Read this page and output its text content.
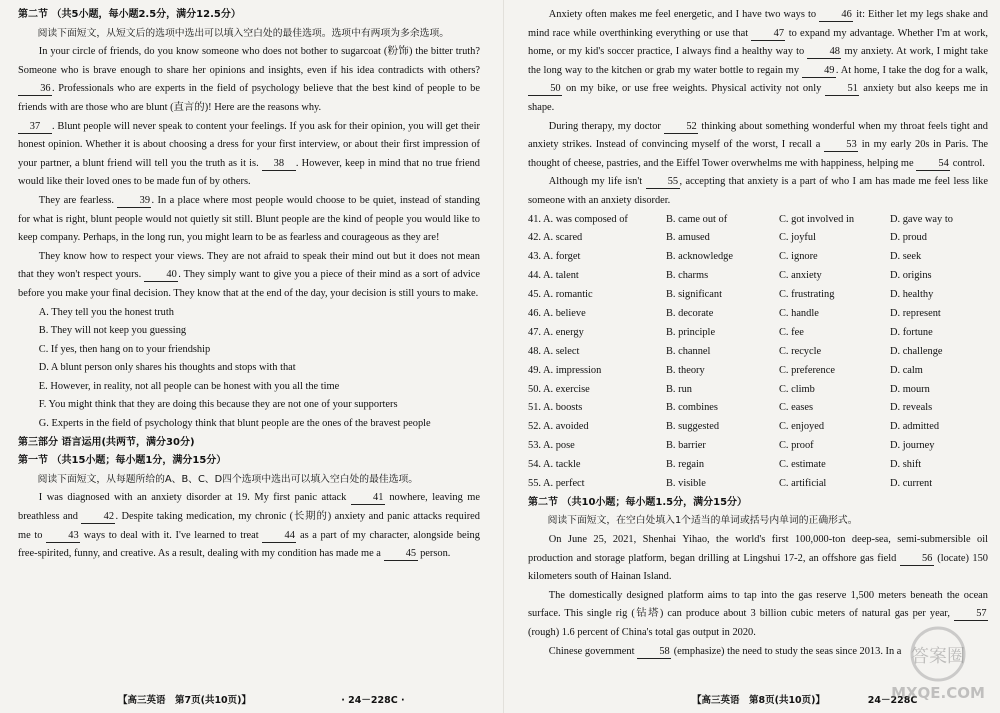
第二节 （共5小题，每小题2.5分，满分12.5分）

阅读下面短文，从短文后的选项中选出可以填入空白处的最佳选项。选项中有两项为多余选项。

In your circle of friends, do you know someone who does not bother to sugarcoat (粉饰) the bitter truth? Someone who is brave enough to share her opinions and insights, even if his idea contradicts with others? 36. Professionals who are experts in the field of psychology believe that the best kind of people to be friends with are those who are blunt (直言的)! Here are the reasons why.

37 . Blunt people will never speak to content your feelings. If you ask for their opinion, you will get their honest opinion. Whether it is about choosing a dress for your first interview, or about their first impression of your partner, a blunt friend will tell you the truth as it is. 38 . However, keep in mind that no true friend would like their loved ones to be made fun of by others.

They are fearless. 39. In a place where most people would choose to be quiet, instead of standing for what is right, blunt people would not quietly sit still. Blunt people are the kind of people you would like to keep company. Perhaps, in the long run, you might learn to be as fearless and courageous as they are!

They know how to respect your views. They are not afraid to speak their mind out but it does not mean that they won't respect yours. 40. They simply want to give you a piece of their mind as a sort of advice before you make your final decision. They know that at the end of the day, your decision is still yours to make.

A. They tell you the honest truth

B. They will not keep you guessing

C. If yes, then hang on to your friendship

D. A blunt person only shares his thoughts and stops with that

E. However, in reality, not all people can be honest with you all the time

F. You might think that they are doing this because they are not one of your supporters

G. Experts in the field of psychology think that blunt people are the ones of the bravest people

第三部分 语言运用(共两节，满分30分)

第一节 （共15小题；每小题1分，满分15分）

阅读下面短文，从每题所给的A、B、C、D四个选项中选出可以填入空白处的最佳选项。

I was diagnosed with an anxiety disorder at 19. My first panic attack	41 nowhere, leaving me breathless and 42. Despite taking medication, my chronic (长期的) anxiety and panic attacks required me to 43 ways to deal with it. I've learned to treat 44 as a part of my character, alongside being free-spirited, funny, and creative. As a result, dealing with my condition has made me a 45 person.

Anxiety often makes me feel energetic, and I have two ways to 46 it: Either let my legs shake and mind race while overthinking everything or use that 47 to expand my advantage. Whether I'm at work, home, or my kid's soccer practice, I always find a healthy way to 48 my anxiety. At work, I might take the long way to the kitchen or grab my water bottle to regain my 49. At home, I take the dog for a walk, 50 on my bike, or use free weights. Physical activity not only	51 anxiety but also keeps me in shape.

During therapy, my doctor 52 thinking about something wonderful when my throat feels tight and anxiety strikes. Instead of convincing myself of the worst, I recall a 53 in my early 20s in Paris. The thought of cheese, pastries, and the Eiffel Tower overwhelms me with happiness, helping me 54 control.

Although my life isn't 55, accepting that anxiety is a part of who I am has made me feel less like someone with an anxiety disorder.

41. A. was composed of	B. came out of	C. got involved in	D. gave way to
42. A. scared	B. amused	C. joyful	D. proud
43. A. forget	B. acknowledge	C. ignore	D. seek
44. A. talent	B. charms	C. anxiety	D. origins
45. A. romantic	B. significant	C. frustrating	D. healthy
46. A. believe	B. decorate	C. handle	D. represent
47. A. energy	B. principle	C. fee	D. fortune
48. A. select	B. channel	C. recycle	D. challenge
49. A. impression	B. theory	C. preference	D. calm
50. A. exercise	B. run	C. climb	D. mourn
51. A. boosts	B. combines	C. eases	D. reveals
52. A. avoided	B. suggested	C. enjoyed	D. admitted
53. A. pose	B. barrier	C. proof	D. journey
54. A. tackle	B. regain	C. estimate	D. shift
55. A. perfect	B. visible	C. artificial	D. current

第二节 （共10小题；每小题1.5分，满分15分）

阅读下面短文，在空白处填入1个适当的单词或括号内单词的正确形式。

On June 25, 2021, Shenhai Yihao, the world's first 100,000-ton deep-sea, semi-submersible oil production and storage platform, began drilling at Lingshui 17-2, an offshore gas field 56 (locate) 150 kilometers south of Hainan Island.

The domestically designed platform aims to tap into the gas reserve 1,500 meters beneath the ocean surface. This single rig (钻塔) can produce about 3 billion cubic meters of natural gas per year,	57 (rough) 1.6 percent of China's total gas output in 2020.

Chinese government 58 (emphasize) the need to study the seas since 2013. In a

【高三英语　第7页(共10页)】　　　　　　　　　　· 24－228C ·	【高三英语　第8页(共10页)】　　　　　24－228C
答案圈
MXQE.COM
